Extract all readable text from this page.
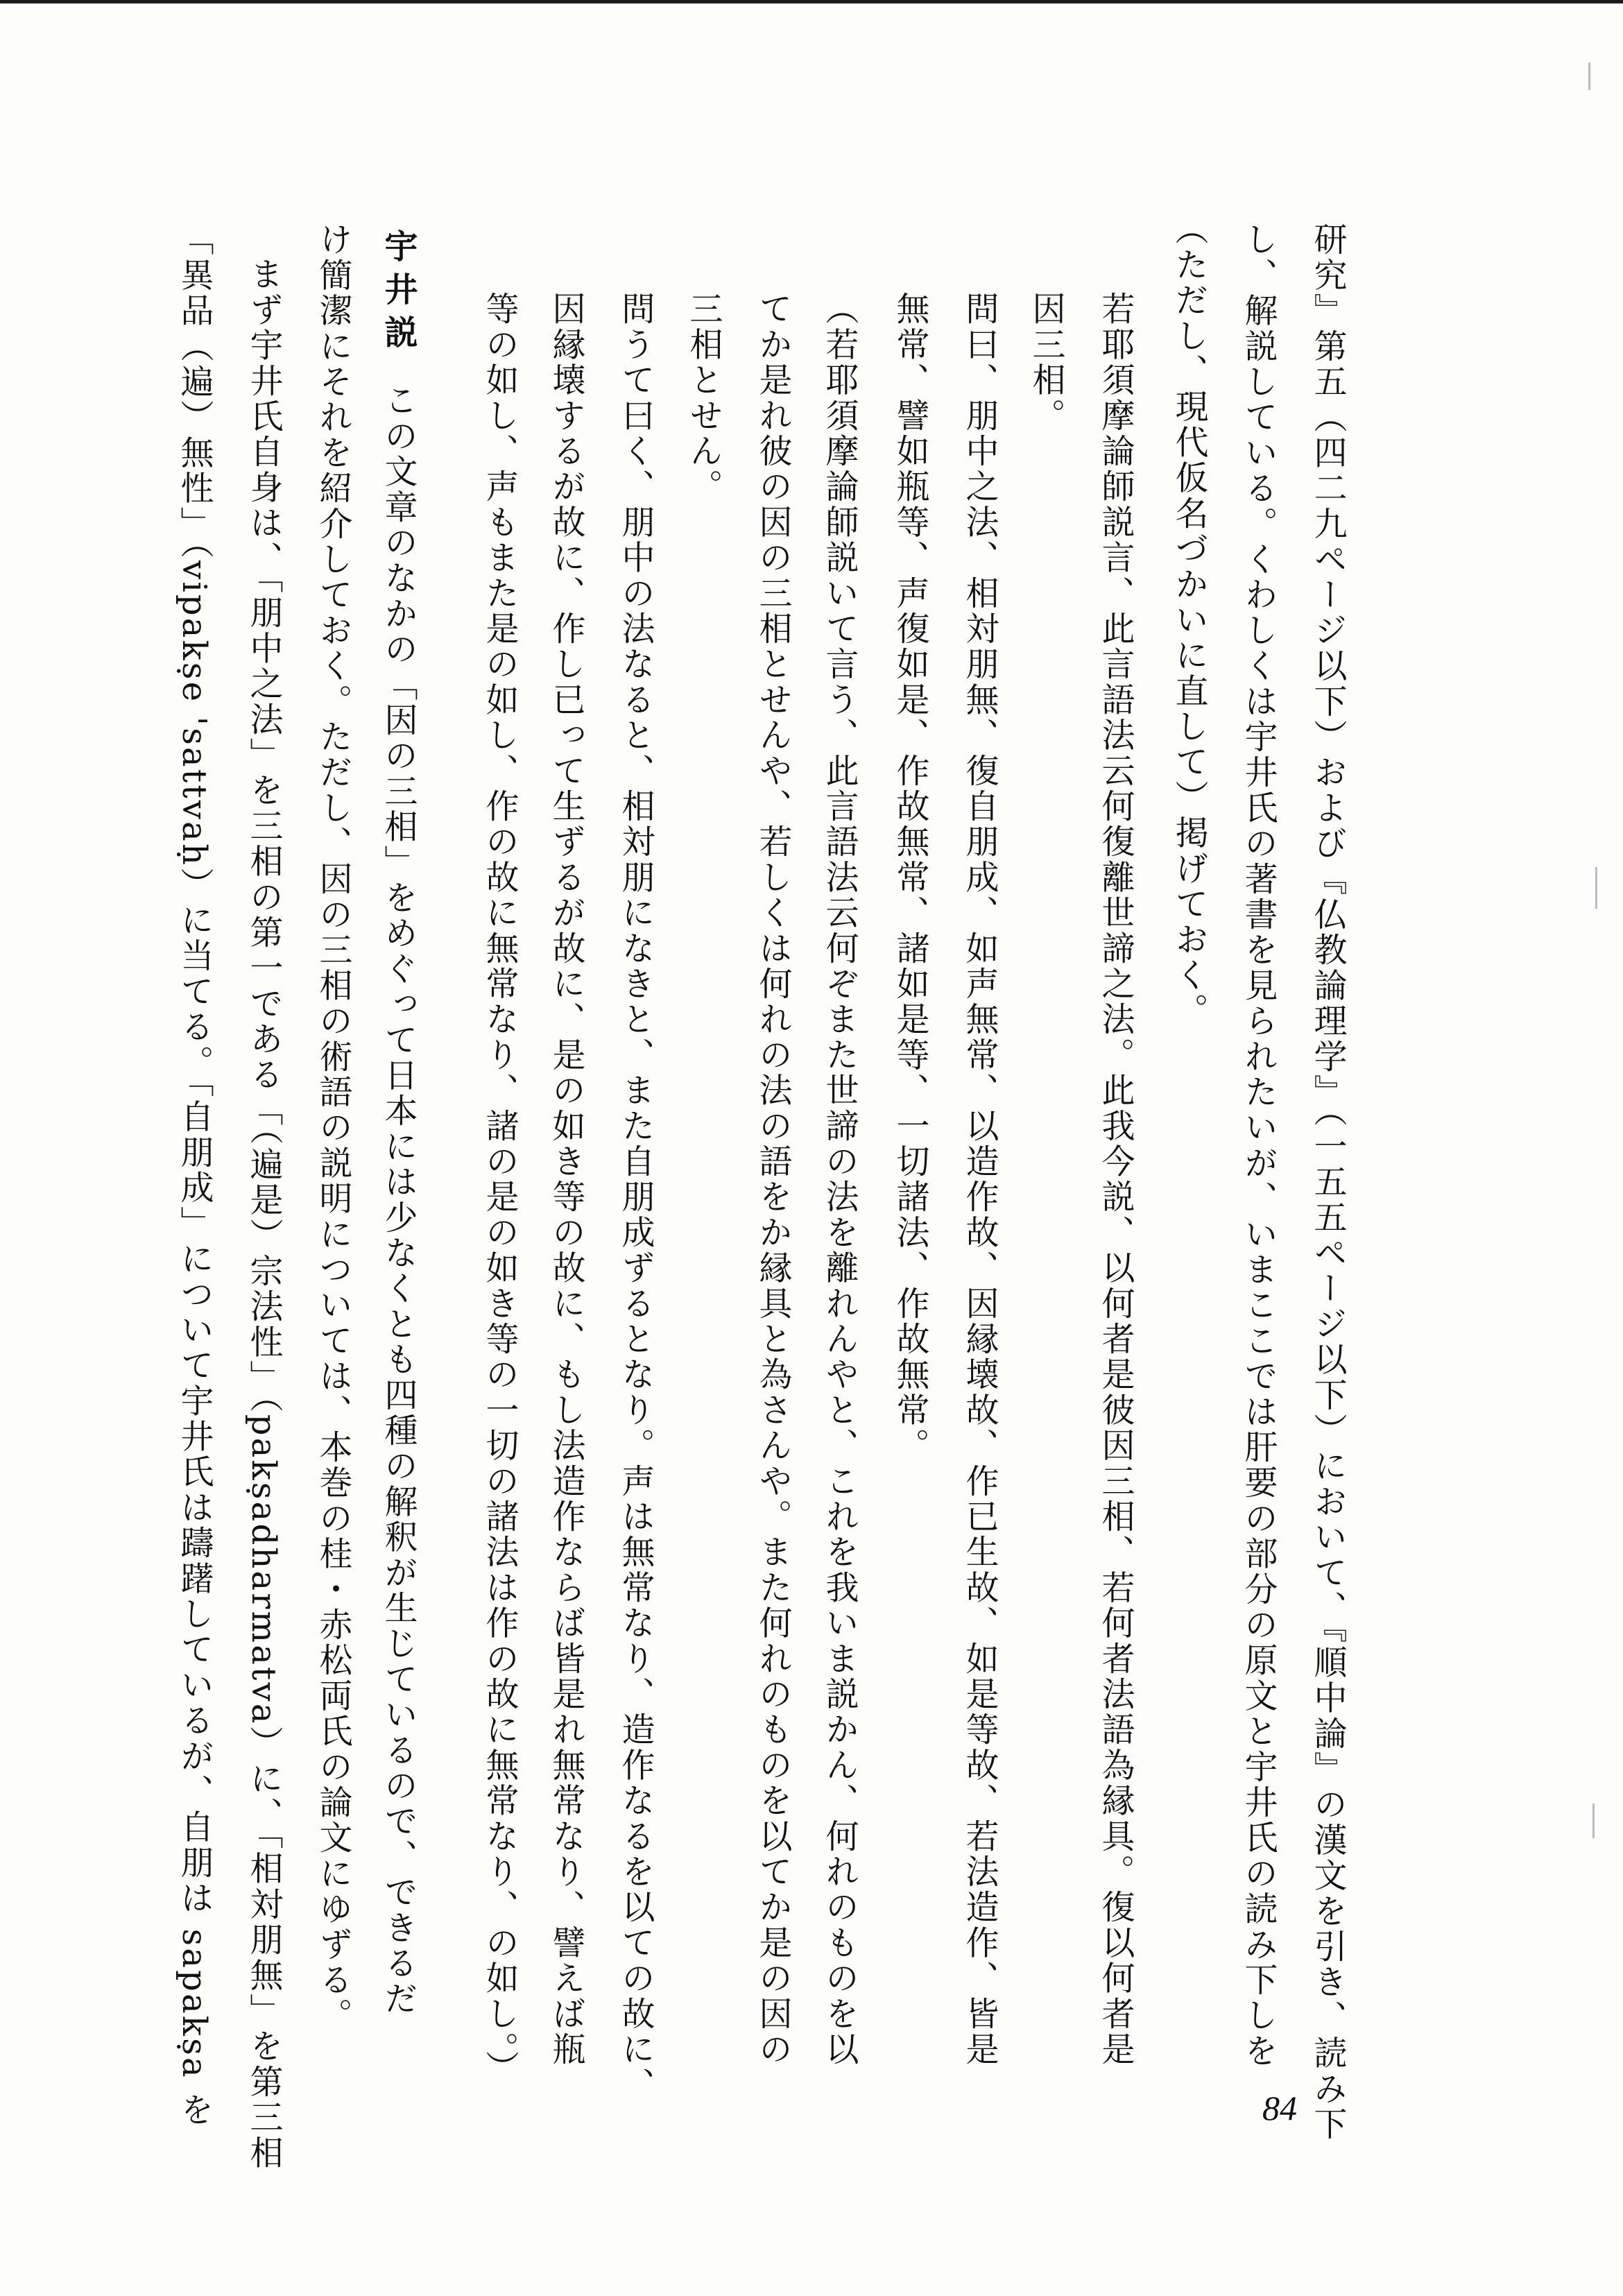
研究』第五（四二九ページ以下）および『仏教論理学』（一五五ページ以下）において、『順中論』の漢文を引き、読み下
し、解説している。くわしくは宇井氏の著書を見られたいが、いまここでは肝要の部分の原文と宇井氏の読み下しを
（ただし、現代仮名づかいに直して）掲げておく。
若耶須摩論師説言、此言語法云何復離世諦之法。此我今説、以何者是彼因三相、若何者法語為縁具。復以何者是
因三相。
問曰、朋中之法、相対朋無、復自朋成、如声無常、以造作故、因縁壊故、作已生故、如是等故、若法造作、皆是
無常、譬如瓶等、声復如是、作故無常、諸如是等、一切諸法、作故無常。
（若耶須摩論師説いて言う、此言語法云何ぞまた世諦の法を離れんやと、これを我いま説かん、何れのものを以
てか是れ彼の因の三相とせんや、若しくは何れの法の語をか縁具と為さんや。また何れのものを以てか是の因の
三相とせん。
問うて曰く、朋中の法なると、相対朋になきと、また自朋成ずるとなり。声は無常なり、造作なるを以ての故に、
因縁壊するが故に、作し已って生ずるが故に、是の如き等の故に、もし法造作ならば皆是れ無常なり、譬えば瓶
等の如し、声もまた是の如し、作の故に無常なり、諸の是の如き等の一切の諸法は作の故に無常なり、の如し。）
宇井説この文章のなかの「因の三相」をめぐって日本には少なくとも四種の解釈が生じているので、できるだ
け簡潔にそれを紹介しておく。ただし、因の三相の術語の説明については、本巻の桂・赤松両氏の論文にゆずる。
まず宇井氏自身は、「朋中之法」を三相の第一である「（遍是）宗法性」（pakṣadharmatva）に、「相対朋無」を第三相
「異品（遍）無性」（vipakṣe 'sattvaḥ）に当てる。「自朋成」について宇井氏は躊躇しているが、自朋は sapakṣa を	84
